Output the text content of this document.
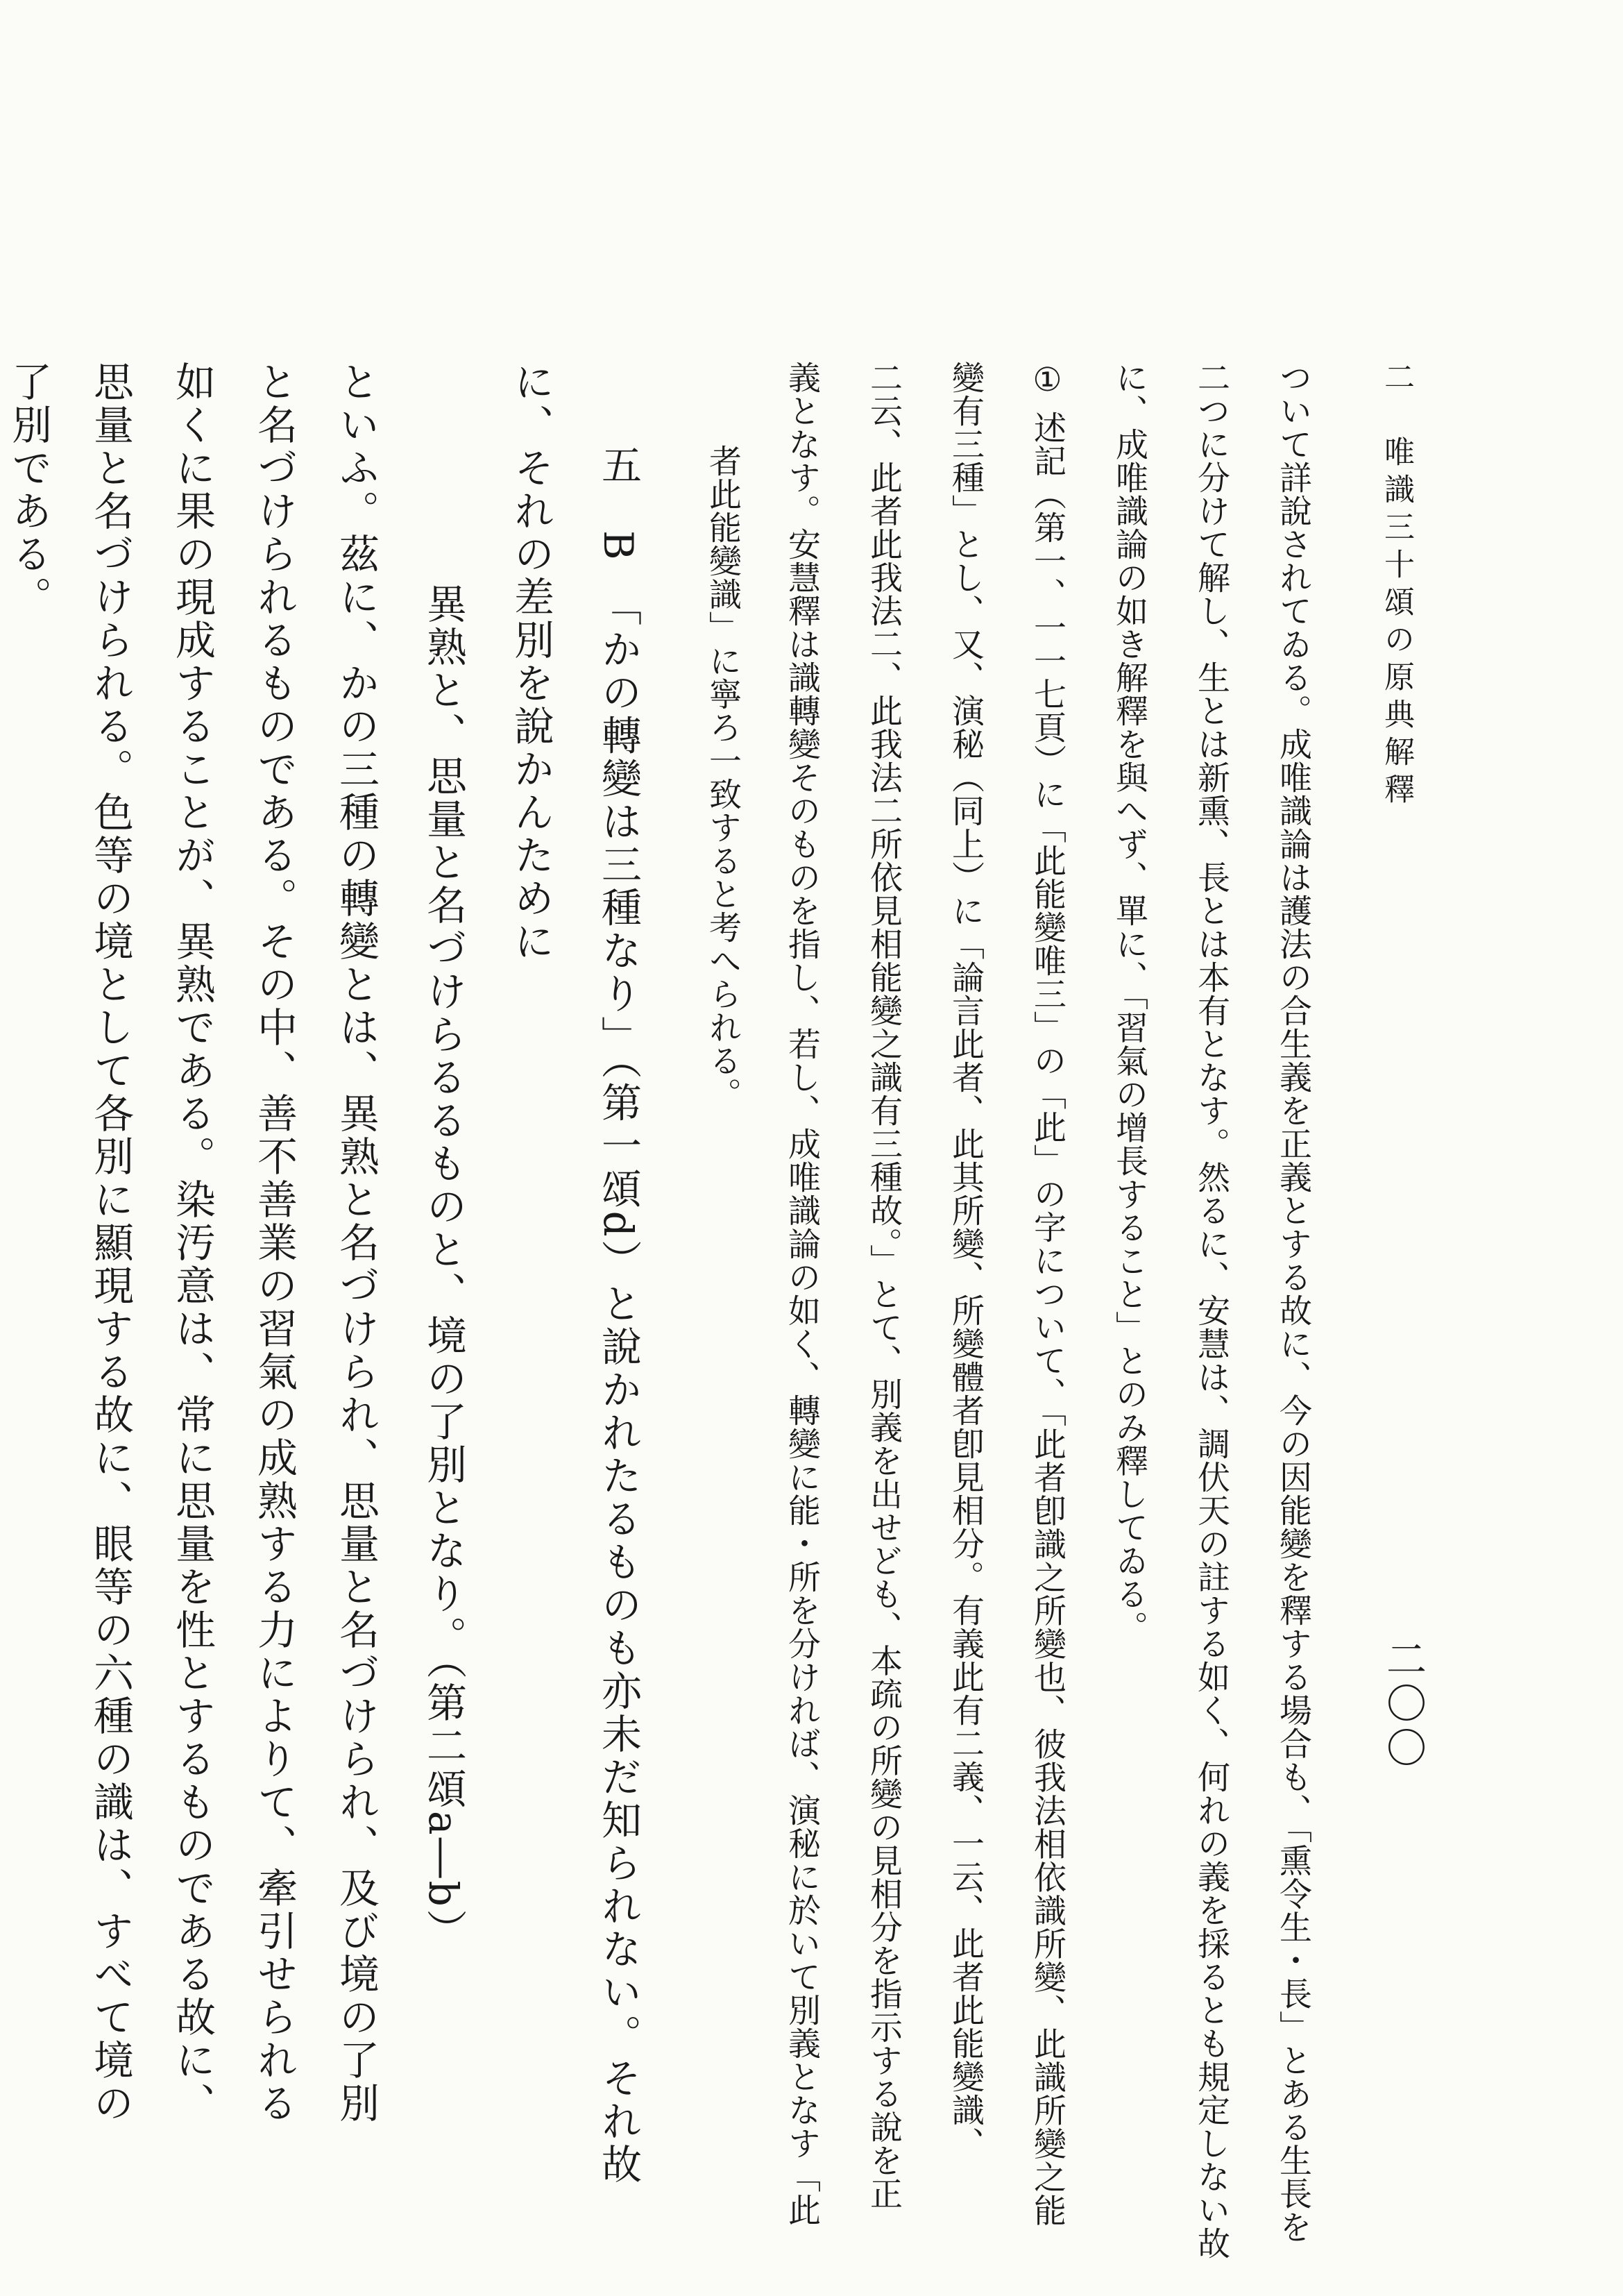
二　唯識三十頌の原典解釋
二〇〇
ついて詳說されてゐる。成唯識論は護法の合生義を正義とする故に、今の因能變を釋する場合も、「熏令生・長」とある生長を
二つに分けて解し、生とは新熏、長とは本有となす。然るに、安慧は、調伏天の註する如く、何れの義を採るとも規定しない故
に、成唯識論の如き解釋を與へず、單に、「習氣の增長すること」とのみ釋してゐる。
① 述記（第一、一一七頁）に「此能變唯三」の「此」の字について、「此者卽識之所變也、彼我法相依識所變、此識所變之能
變有三種」とし、又、演秘（同上）に「論言此者、此其所變、所變體者卽見相分。有義此有二義、一云、此者此能變識、
二云、此者此我法二、此我法二所依見相能變之識有三種故。」とて、別義を出せども、本疏の所變の見相分を指示する說を正
義となす。安慧釋は識轉變そのものを指し、若し、成唯識論の如く、轉變に能・所を分ければ、演秘に於いて別義となす「此
者此能變識」に寧ろ一致すると考へられる。
五　B　「かの轉變は三種なり」（第一頌d）と說かれたるものも亦未だ知られない。それ故
に、それの差別を說かんために
異熟と、思量と名づけらるるものと、境の了別となり。（第二頌a―b）
といふ。茲に、かの三種の轉變とは、異熟と名づけられ、思量と名づけられ、及び境の了別
と名づけられるものである。その中、善不善業の習氣の成熟する力によりて、牽引せられる
如くに果の現成することが、異熟である。染汚意は、常に思量を性とするものである故に、
思量と名づけられる。色等の境として各別に顯現する故に、眼等の六種の識は、すべて境の
了別である。
